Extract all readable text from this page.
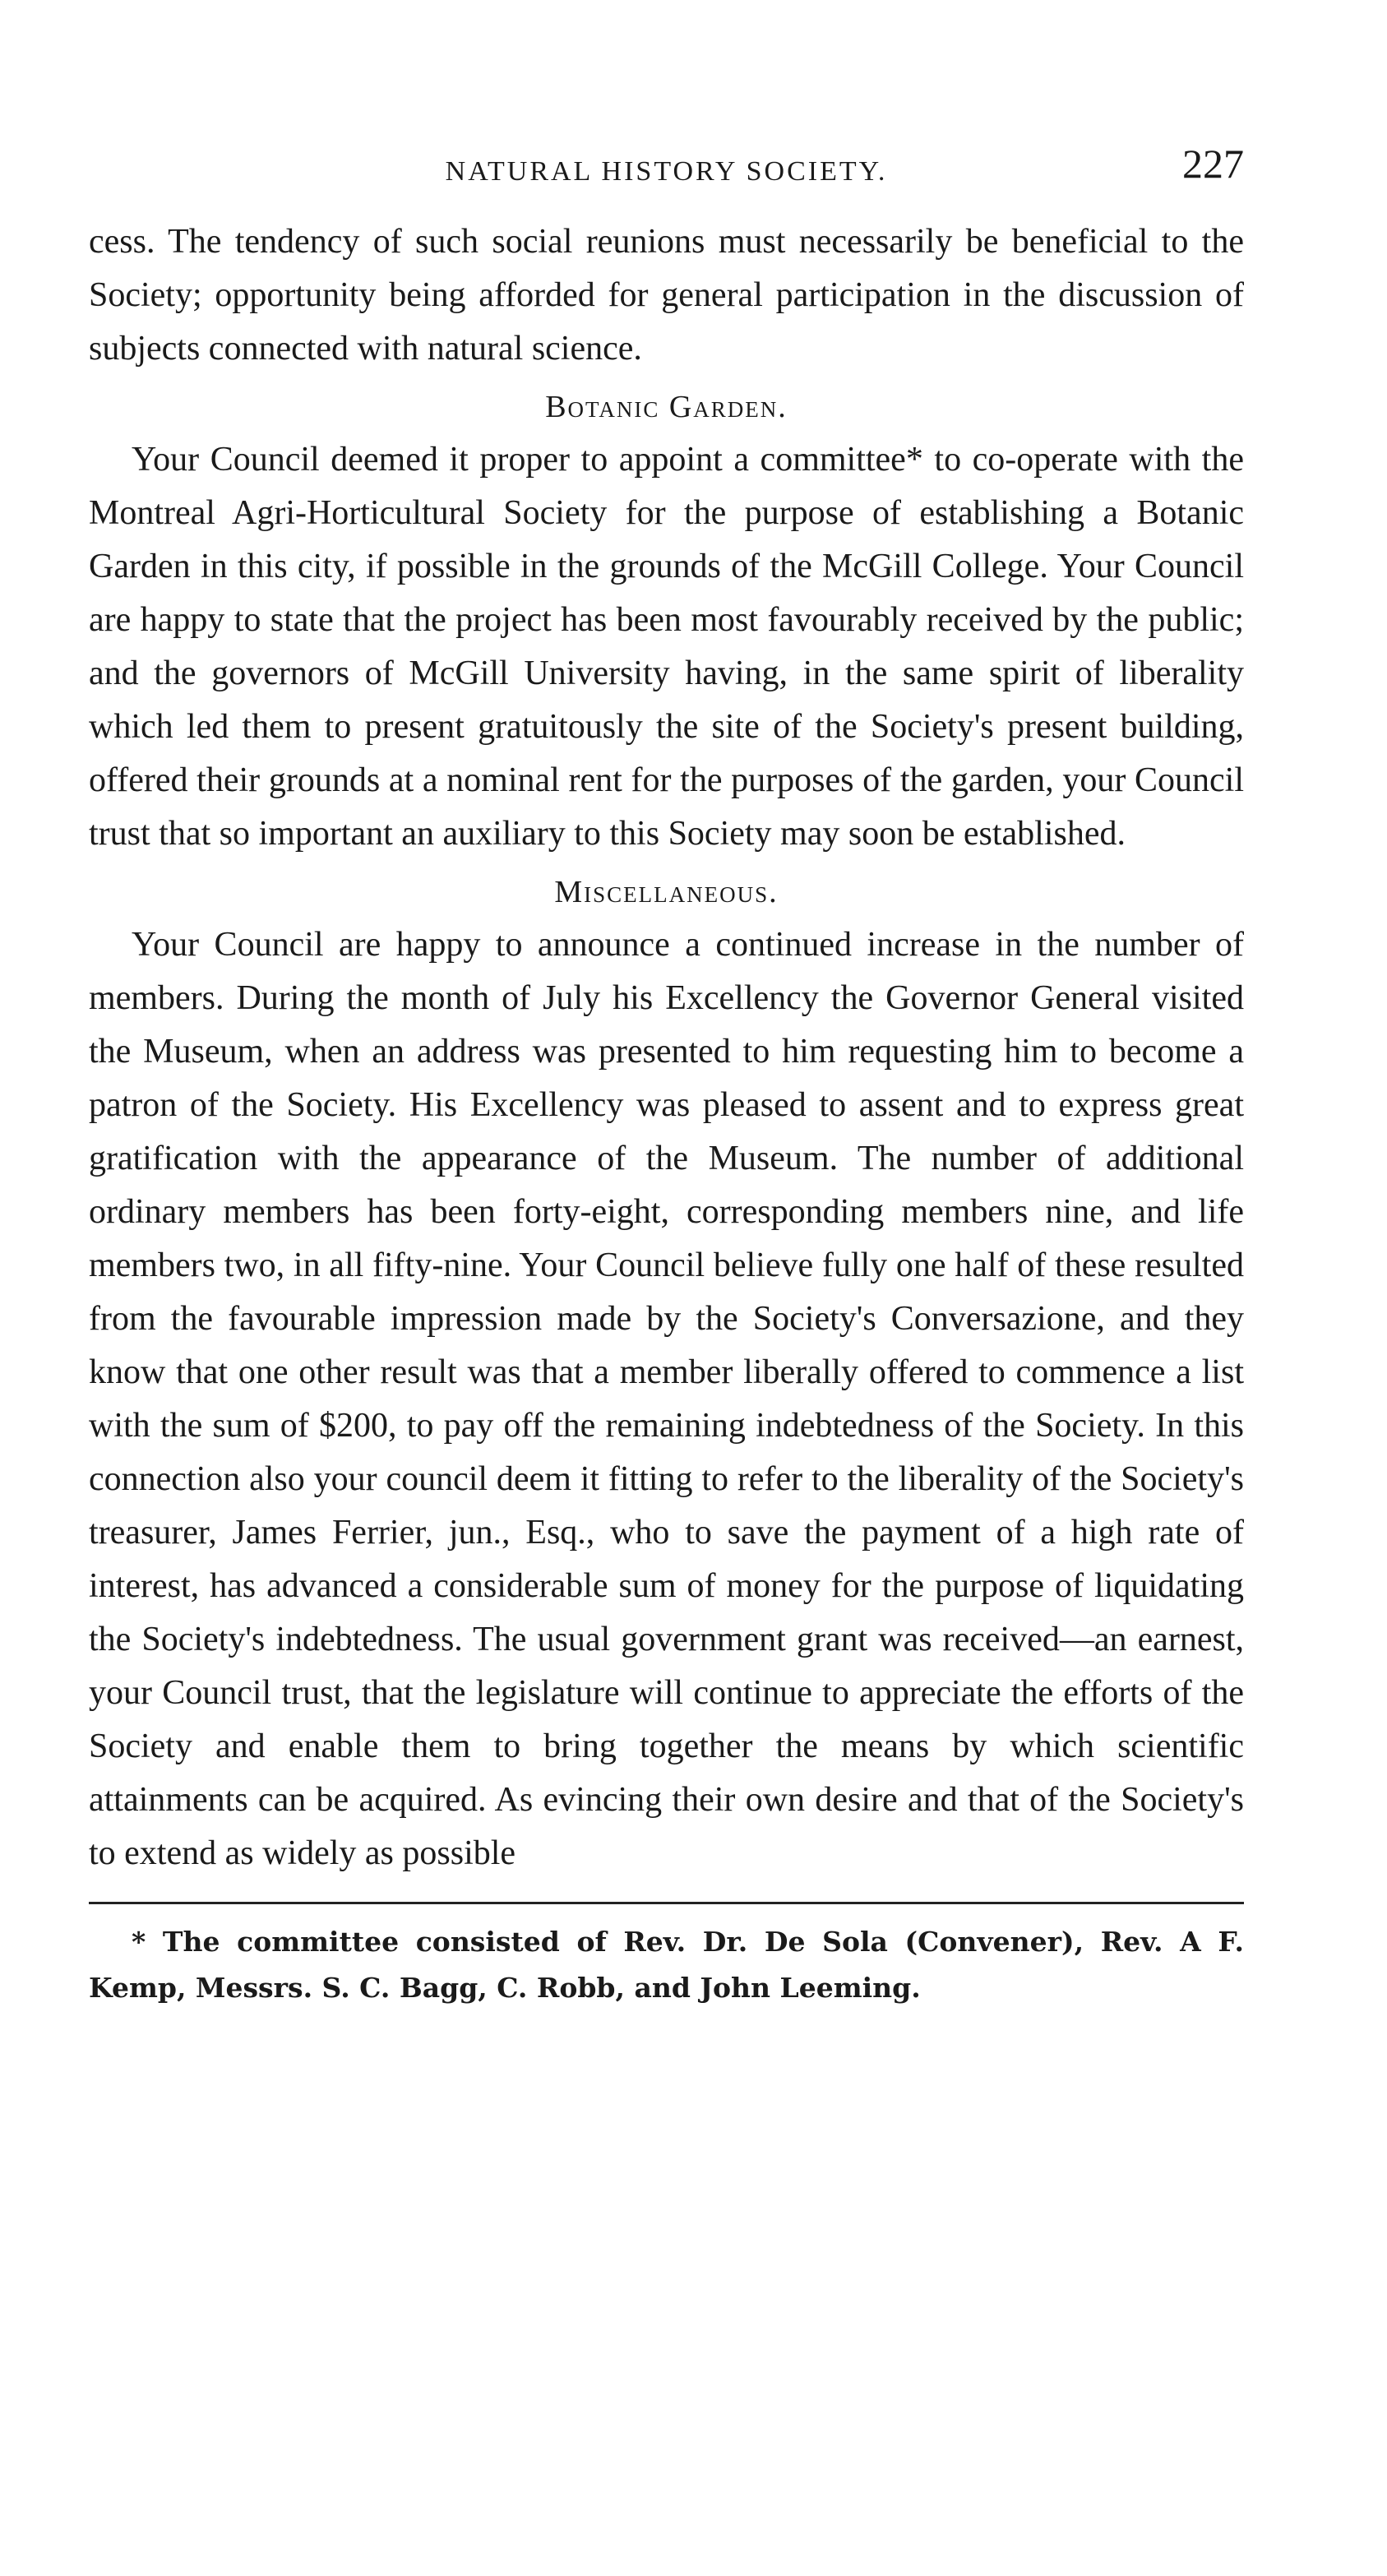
NATURAL HISTORY SOCIETY.	227

cess. The tendency of such social reunions must necessarily be beneficial to the Society; opportunity being afforded for general participation in the discussion of subjects connected with natural science.

Botanic Garden.

Your Council deemed it proper to appoint a committee* to co-operate with the Montreal Agri-Horticultural Society for the purpose of establishing a Botanic Garden in this city, if possible in the grounds of the McGill College. Your Council are happy to state that the project has been most favourably received by the public; and the governors of McGill University having, in the same spirit of liberality which led them to present gratuitously the site of the Society's present building, offered their grounds at a nominal rent for the purposes of the garden, your Council trust that so important an auxiliary to this Society may soon be established.

Miscellaneous.

Your Council are happy to announce a continued increase in the number of members. During the month of July his Excellency the Governor General visited the Museum, when an address was presented to him requesting him to become a patron of the Society. His Excellency was pleased to assent and to express great gratification with the appearance of the Museum. The number of additional ordinary members has been forty-eight, corresponding members nine, and life members two, in all fifty-nine. Your Council believe fully one half of these resulted from the favourable impression made by the Society's Conversazione, and they know that one other result was that a member liberally offered to commence a list with the sum of $200, to pay off the remaining indebtedness of the Society. In this connection also your council deem it fitting to refer to the liberality of the Society's treasurer, James Ferrier, jun., Esq., who to save the payment of a high rate of interest, has advanced a considerable sum of money for the purpose of liquidating the Society's indebtedness. The usual government grant was received—an earnest, your Council trust, that the legislature will continue to appreciate the efforts of the Society and enable them to bring together the means by which scientific attainments can be acquired. As evincing their own desire and that of the Society's to extend as widely as possible

* The committee consisted of Rev. Dr. De Sola (Convener), Rev. A F. Kemp, Messrs. S. C. Bagg, C. Robb, and John Leeming.
